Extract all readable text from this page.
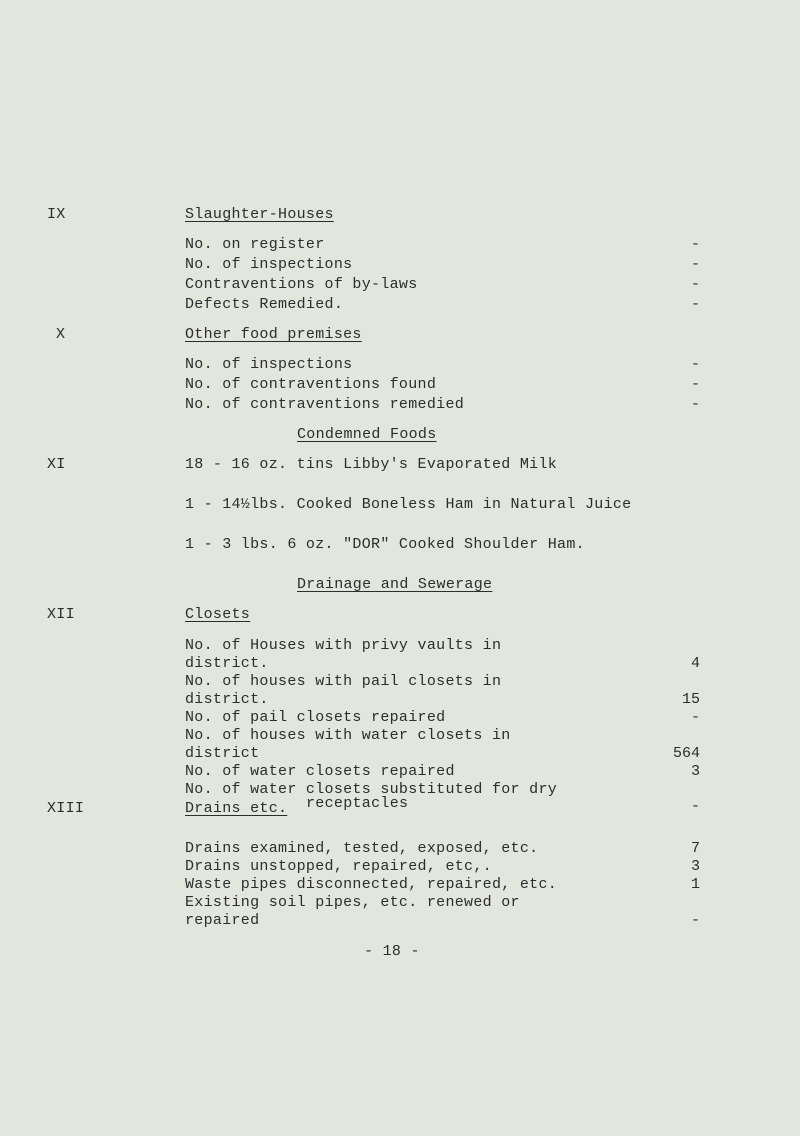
IX	Slaughter-Houses
No. on register	-
No. of inspections	-
Contraventions of by-laws	-
Defects Remedied.	-
X	Other food premises
No. of inspections	-
No. of contraventions found	-
No. of contraventions remedied	-
Condemned Foods
XI	18 - 16 oz. tins Libby's Evaporated Milk
1 - 14½lbs. Cooked Boneless Ham in Natural Juice
1 - 3 lbs. 6 oz. "DOR" Cooked Shoulder Ham.
Drainage and Sewerage
XII	Closets
No. of Houses with privy vaults in
district.	4
No. of houses with pail closets in
district.	15
No. of pail closets repaired	-
No. of houses with water closets in
district	564
No. of water closets repaired	3
No. of water closets substituted for dry
receptacles	-
XIII	Drains etc.
Drains examined, tested, exposed, etc.	7
Drains unstopped, repaired, etc,.	3
Waste pipes disconnected, repaired, etc.	1
Existing soil pipes, etc. renewed or
repaired	-
- 18 -
